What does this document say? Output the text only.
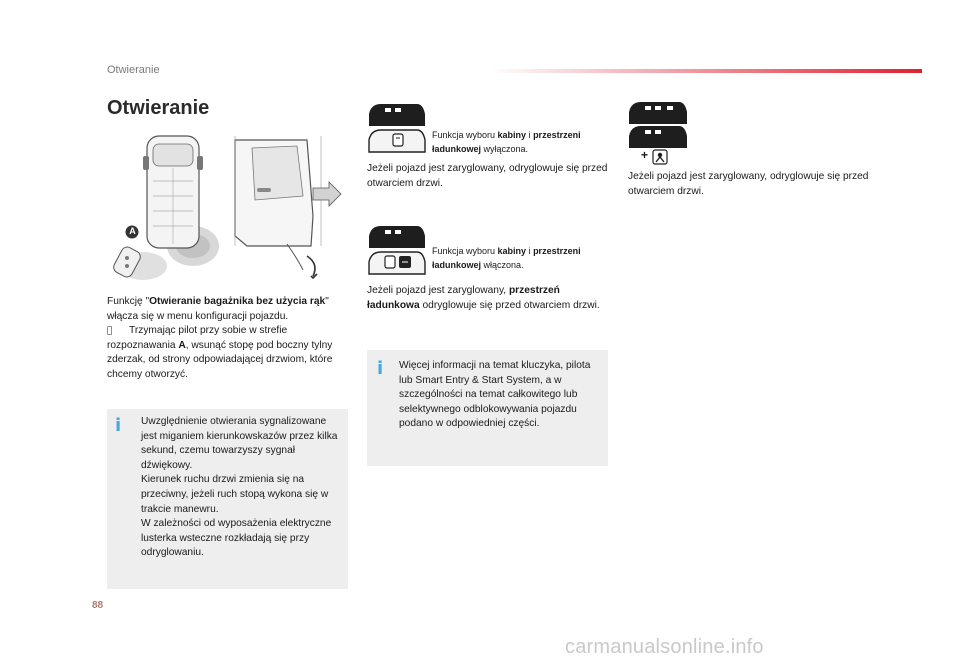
Otwieranie
Otwieranie
A
Funkcję "Otwieranie bagażnika bez użycia rąk" włącza się w menu konfiguracji pojazdu.
Trzymając pilot przy sobie w strefie rozpoznawania A, wsunąć stopę pod boczny tylny zderzak, od strony odpowiadającej drzwiom, które chcemy otworzyć.
i Uwzględnienie otwierania sygnalizowane jest miganiem kierunkowskazów przez kilka sekund, czemu towarzyszy sygnał dźwiękowy.
Kierunek ruchu drzwi zmienia się na przeciwny, jeżeli ruch stopą wykona się w trakcie manewru.
W zależności od wyposażenia elektryczne lusterka wsteczne rozkładają się przy odryglowaniu.
Funkcja wyboru kabiny i przestrzeni ładunkowej wyłączona.
Jeżeli pojazd jest zaryglowany, odryglowuje się przed otwarciem drzwi.
Funkcja wyboru kabiny i przestrzeni ładunkowej włączona.
Jeżeli pojazd jest zaryglowany, przestrzeń ładunkowa odryglowuje się przed otwarciem drzwi.
i Więcej informacji na temat kluczyka, pilota lub Smart Entry & Start System, a w szczególności na temat całkowitego lub selektywnego odblokowywania pojazdu podano w odpowiedniej części.
+
Jeżeli pojazd jest zaryglowany, odryglowuje się przed otwarciem drzwi.
88
carmanualsonline.info
